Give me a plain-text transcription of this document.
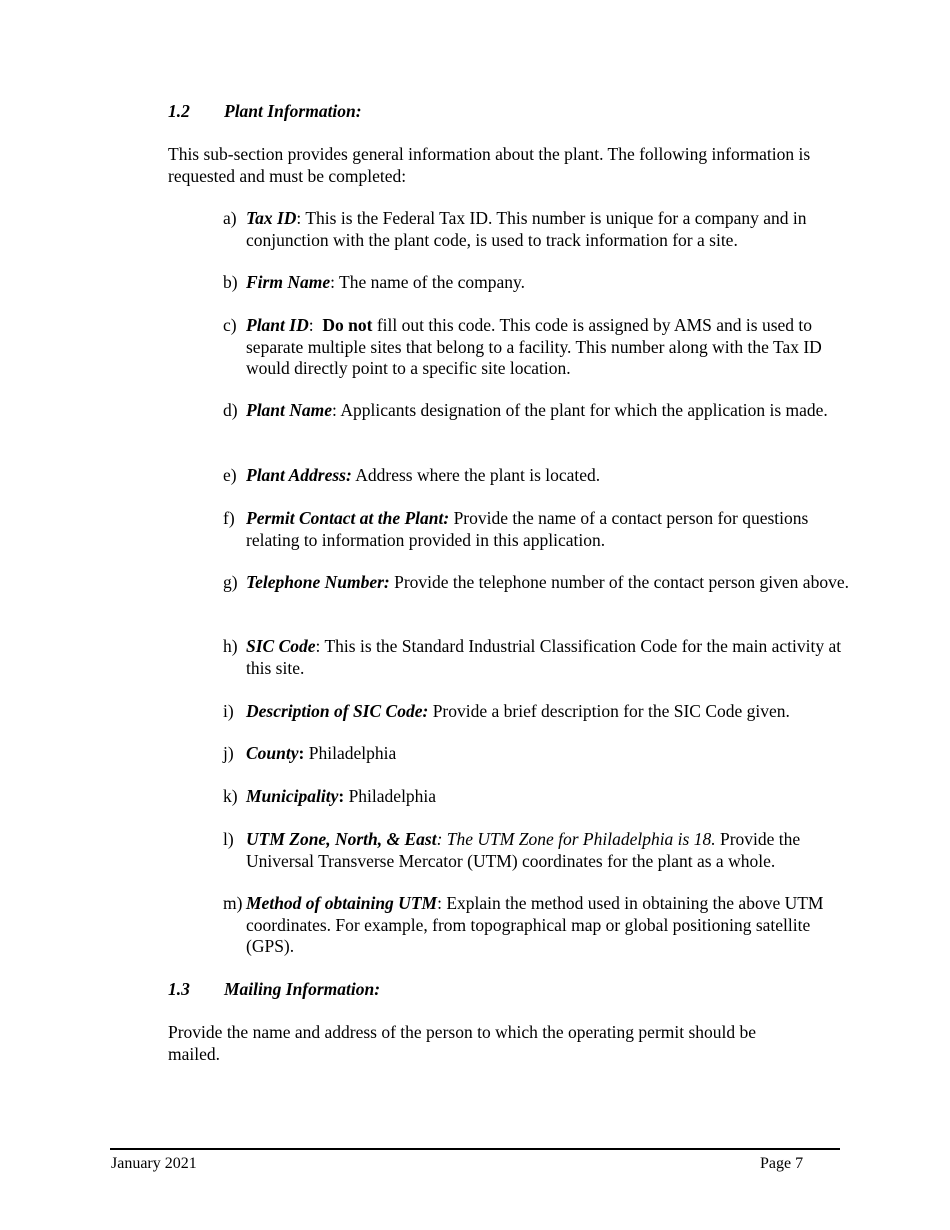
1.2 Plant Information:
This sub-section provides general information about the plant. The following information is requested and must be completed:
a) Tax ID: This is the Federal Tax ID. This number is unique for a company and in conjunction with the plant code, is used to track information for a site.
b) Firm Name: The name of the company.
c) Plant ID: Do not fill out this code. This code is assigned by AMS and is used to separate multiple sites that belong to a facility. This number along with the Tax ID would directly point to a specific site location.
d) Plant Name: Applicants designation of the plant for which the application is made.
e) Plant Address: Address where the plant is located.
f) Permit Contact at the Plant: Provide the name of a contact person for questions relating to information provided in this application.
g) Telephone Number: Provide the telephone number of the contact person given above.
h) SIC Code: This is the Standard Industrial Classification Code for the main activity at this site.
i) Description of SIC Code: Provide a brief description for the SIC Code given.
j) County: Philadelphia
k) Municipality: Philadelphia
l) UTM Zone, North, & East: The UTM Zone for Philadelphia is 18. Provide the Universal Transverse Mercator (UTM) coordinates for the plant as a whole.
m) Method of obtaining UTM: Explain the method used in obtaining the above UTM coordinates. For example, from topographical map or global positioning satellite (GPS).
1.3 Mailing Information:
Provide the name and address of the person to which the operating permit should be mailed.
January 2021	Page 7
